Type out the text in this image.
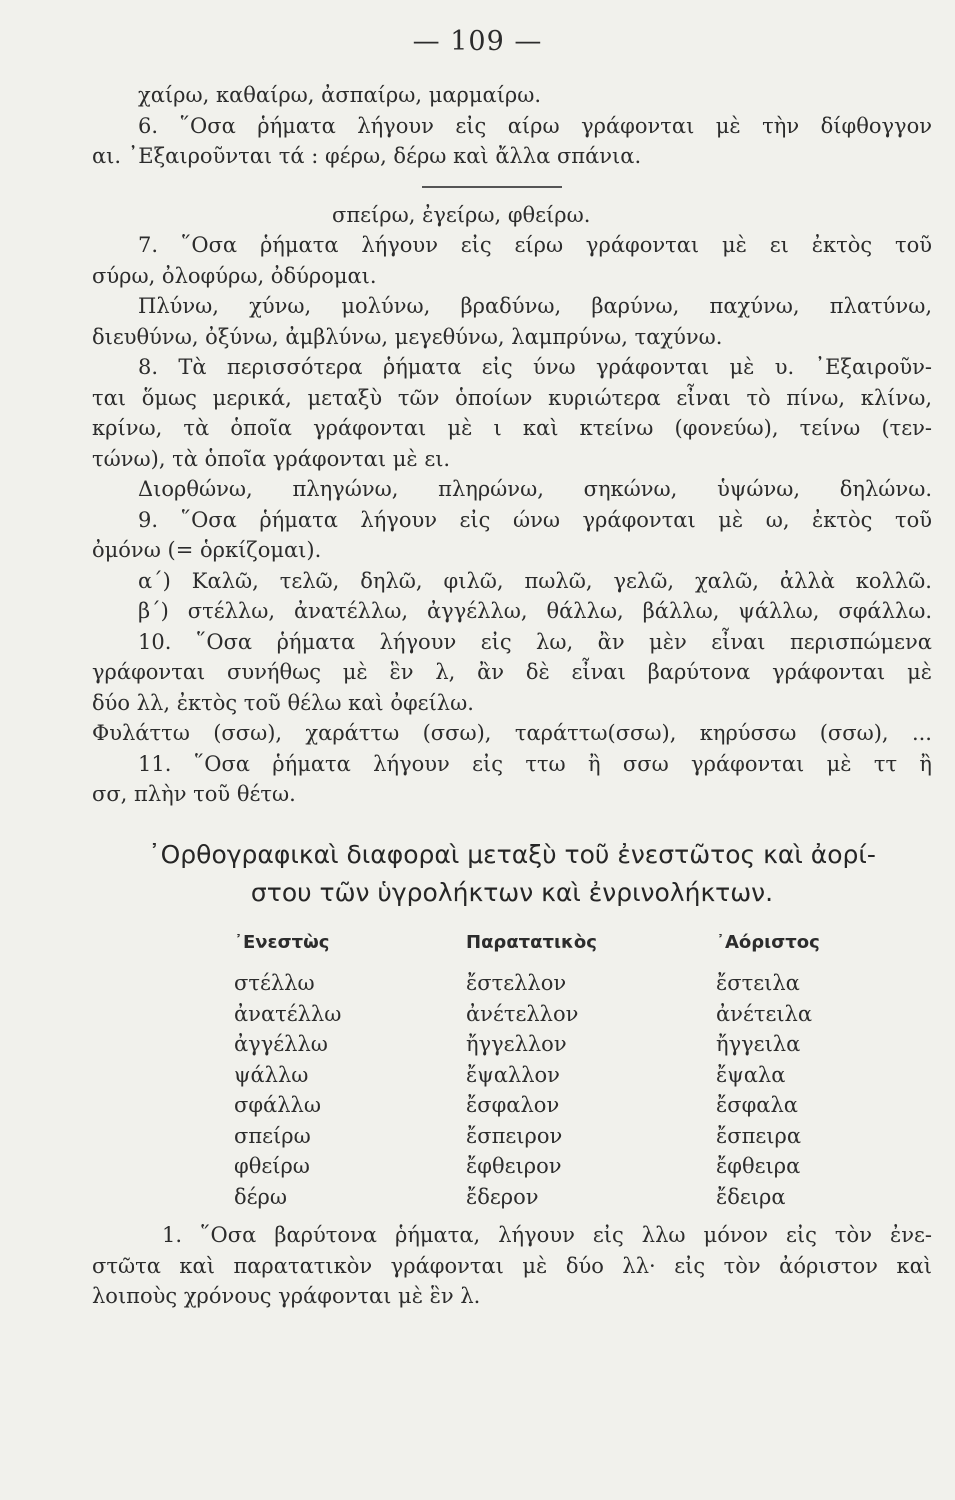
— 109 —
χαίρω, καθαίρω, ἀσπαίρω, μαρμαίρω.
6. ῞Οσα ῥήματα λήγουν εἰς αίρω γράφονται μὲ τὴν δίφθογγον
αι. ᾿Εξαιροῦνται τά : φέρω, δέρω καὶ ἄλλα σπάνια.
σπείρω, ἐγείρω, φθείρω.
7. ῞Οσα ῥήματα λήγουν εἰς είρω γράφονται μὲ ει ἐκτὸς τοῦ
σύρω, ὀλοφύρω, ὀδύρομαι.
Πλύνω, χύνω, μολύνω, βραδύνω, βαρύνω, παχύνω, πλατύνω,
διευθύνω, ὀξύνω, ἀμβλύνω, μεγεθύνω, λαμπρύνω, ταχύνω.
8. Τὰ περισσότερα ῥήματα εἰς ύνω γράφονται μὲ υ. ᾿Εξαιροῦν-
ται ὅμως μερικά, μεταξὺ τῶν ὁποίων κυριώτερα εἶναι τὸ πίνω, κλίνω,
κρίνω, τὰ ὁποῖα γράφονται μὲ ι καὶ κτείνω (φονεύω), τείνω (τεν-
τώνω), τὰ ὁποῖα γράφονται μὲ ει.
Διορθώνω, πληγώνω, πληρώνω, σηκώνω, ὑψώνω, δηλώνω.
9. ῞Οσα ῥήματα λήγουν εἰς ώνω γράφονται μὲ ω, ἐκτὸς τοῦ
ὀμόνω (= ὁρκίζομαι).
α΄) Καλῶ, τελῶ, δηλῶ, φιλῶ, πωλῶ, γελῶ, χαλῶ, ἀλλὰ κολλῶ.
β΄) στέλλω, ἀνατέλλω, ἀγγέλλω, θάλλω, βάλλω, ψάλλω, σφάλλω.
10. ῞Οσα ῥήματα λήγουν εἰς λω, ἂν μὲν εἶναι περισπώμενα
γράφονται συνήθως μὲ ἓν λ, ἂν δὲ εἶναι βαρύτονα γράφονται μὲ
δύο λλ, ἐκτὸς τοῦ θέλω καὶ ὀφείλω.
Φυλάττω (σσω), χαράττω (σσω), ταράττω(σσω), κηρύσσω (σσω), ...
11. ῞Οσα ῥήματα λήγουν εἰς ττω ἢ σσω γράφονται μὲ ττ ἢ
σσ, πλὴν τοῦ θέτω.
᾿Ορθογραφικαὶ διαφοραὶ μεταξὺ τοῦ ἐνεστῶτος καὶ ἀορί-
στου τῶν ὑγρολήκτων καὶ ἐνρινολήκτων.
᾿Ενεστὼς	Παρατατικὸς	᾿Αόριστος
στέλλω	ἔστελλον	ἔστειλα
ἀνατέλλω	ἀνέτελλον	ἀνέτειλα
ἀγγέλλω	ἤγγελλον	ἤγγειλα
ψάλλω	ἔψαλλον	ἔψαλα
σφάλλω	ἔσφαλον	ἔσφαλα
σπείρω	ἔσπειρον	ἔσπειρα
φθείρω	ἔφθειρον	ἔφθειρα
δέρω	ἔδερον	ἔδειρα
1. ῞Οσα βαρύτονα ῥήματα, λήγουν εἰς λλω μόνον εἰς τὸν ἐνε-
στῶτα καὶ παρατατικὸν γράφονται μὲ δύο λλ· εἰς τὸν ἀόριστον καὶ
λοιποὺς χρόνους γράφονται μὲ ἓν λ.
